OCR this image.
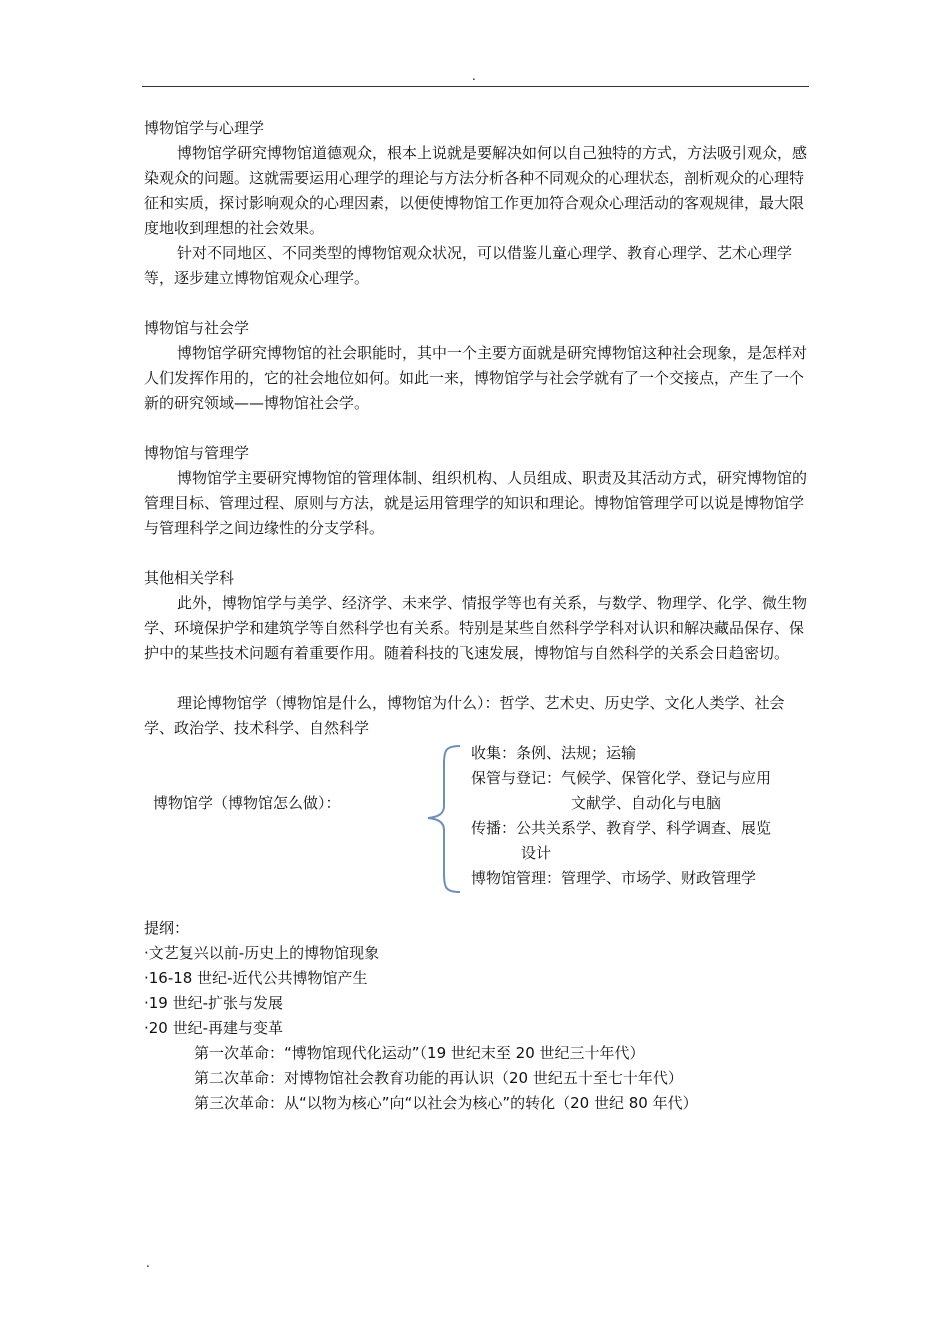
.

博物馆学与心理学

博物馆学研究博物馆道德观众，根本上说就是要解决如何以自己独特的方式，方法吸引观众，感染观众的问题。这就需要运用心理学的理论与方法分析各种不同观众的心理状态，剖析观众的心理特征和实质，探讨影响观众的心理因素，以便使博物馆工作更加符合观众心理活动的客观规律，最大限度地收到理想的社会效果。

针对不同地区、不同类型的博物馆观众状况，可以借鉴儿童心理学、教育心理学、艺术心理学等，逐步建立博物馆观众心理学。

博物馆与社会学

博物馆学研究博物馆的社会职能时，其中一个主要方面就是研究博物馆这种社会现象，是怎样对人们发挥作用的，它的社会地位如何。如此一来，博物馆学与社会学就有了一个交接点，产生了一个新的研究领域——博物馆社会学。

博物馆与管理学

博物馆学主要研究博物馆的管理体制、组织机构、人员组成、职责及其活动方式，研究博物馆的管理目标、管理过程、原则与方法，就是运用管理学的知识和理论。博物馆管理学可以说是博物馆学与管理科学之间边缘性的分支学科。

其他相关学科

此外，博物馆学与美学、经济学、未来学、情报学等也有关系，与数学、物理学、化学、微生物学、环境保护学和建筑学等自然科学也有关系。特别是某些自然科学学科对认识和解决藏品保存、保护中的某些技术问题有着重要作用。随着科技的飞速发展，博物馆与自然科学的关系会日趋密切。

理论博物馆学（博物馆是什么，博物馆为什么）：哲学、艺术史、历史学、文化人类学、社会学、政治学、技术科学、自然科学

博物馆学（博物馆怎么做）：
收集：条例、法规；运输
保管与登记：气候学、保管化学、登记与应用
文献学、自动化与电脑
传播：公共关系学、教育学、科学调查、展览
设计
博物馆管理：管理学、市场学、财政管理学

提纲：

·文艺复兴以前-历史上的博物馆现象

·16-18 世纪-近代公共博物馆产生

·19 世纪-扩张与发展

·20 世纪-再建与变革

第一次革命：“博物馆现代化运动”（19 世纪末至 20 世纪三十年代）

第二次革命：对博物馆社会教育功能的再认识（20 世纪五十至七十年代）

第三次革命：从“以物为核心”向“以社会为核心”的转化（20 世纪 80 年代）

.
